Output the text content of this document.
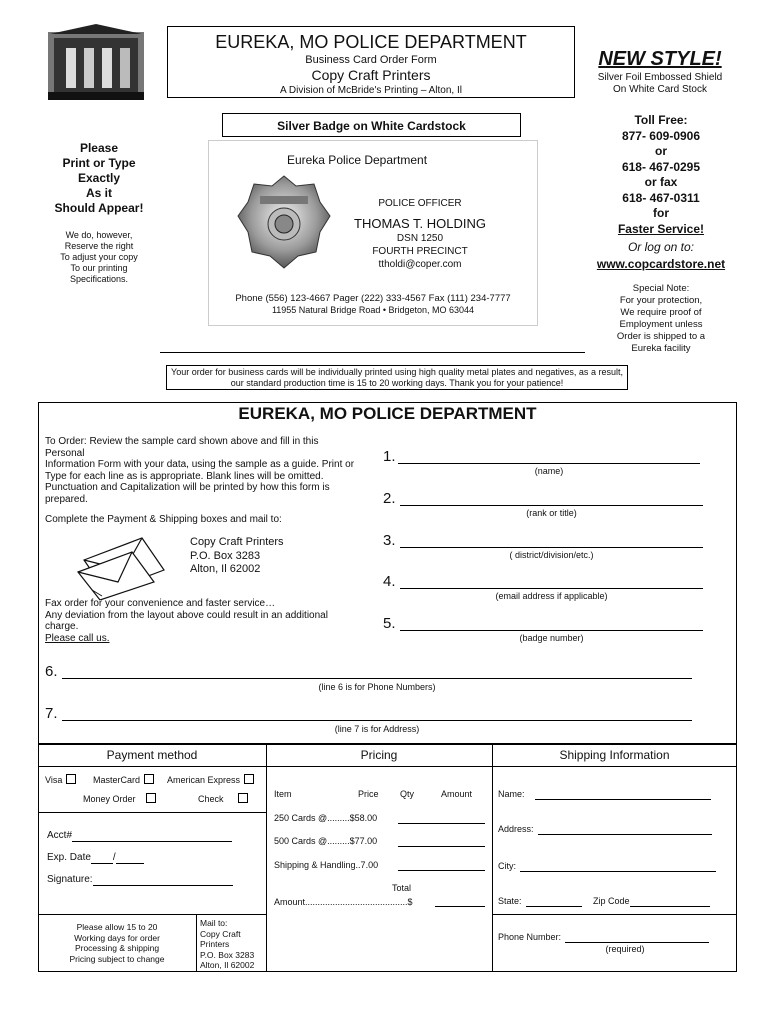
EUREKA, MO POLICE DEPARTMENT
Business Card Order Form
Copy Craft Printers
A Division of McBride's Printing – Alton, Il
NEW STYLE!
Silver Foil Embossed Shield
On White Card Stock
Silver Badge on White Cardstock
Please
Print or Type
Exactly
As it
Should Appear!
We do, however,
Reserve the right
To adjust your copy
To our printing
Specifications.
Eureka Police Department
POLICE OFFICER
THOMAS T. HOLDING
DSN 1250
FOURTH PRECINCT
ttholdi@coper.com
Phone (556) 123-4667 Pager (222) 333-4567 Fax (111) 234-7777
11955 Natural Bridge Road • Bridgeton, MO 63044
Toll Free:
877- 609-0906
or
618- 467-0295
or fax
618- 467-0311
for
Faster Service!
Or log on to:
www.copcardstore.net
Special Note:
For your protection,
We require proof of
Employment unless
Order is shipped to a
Eureka facility
Your order for business cards will be individually printed using high quality metal plates and negatives, as a result,
our standard production time is 15 to 20 working days. Thank you for your patience!
EUREKA, MO POLICE DEPARTMENT
To Order: Review the sample card shown above and fill in this
Personal
Information Form with your data, using the sample as a guide. Print or
Type for each line as is appropriate. Blank lines will be omitted.
Punctuation and Capitalization will be printed by how this form is prepared.
Complete the Payment & Shipping boxes and mail to:
Copy Craft Printers
P.O. Box 3283
Alton, Il 62002
Fax order for your convenience and faster service…
Any deviation from the layout above could result in an additional
charge.
Please call us.
1.
(name)
2.
(rank or title)
3.
( district/division/etc.)
4.
(email address if applicable)
5.
(badge number)
6.
(line 6 is for Phone Numbers)
7.
(line 7 is for Address)
Payment method
Visa	MasterCard	American Express
Money Order	Check
Acct#
Exp. Date /
Signature:
Please allow 15 to 20
Working days for order
Processing & shipping
Pricing subject to change
Mail to:
Copy Craft
Printers
P.O. Box 3283
Alton, Il 62002
Pricing
Item	Price Qty	Amount
250 Cards @.........$58.00
500 Cards @.........$77.00
Shipping & Handling..7.00
Total
Amount.........................................$
Shipping Information
Name:
Address:
City:
State:	Zip Code
Phone Number:
(required)
